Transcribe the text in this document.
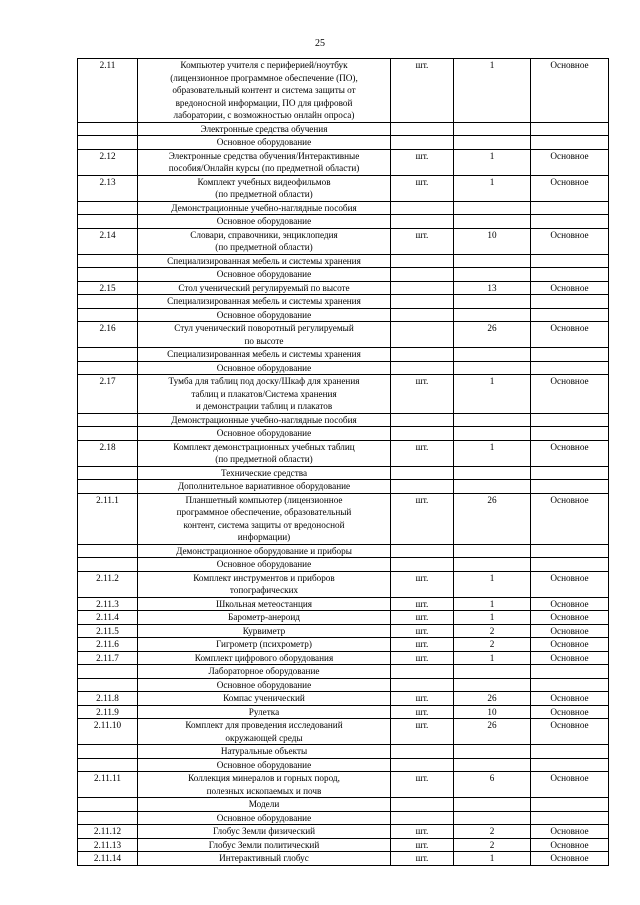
25
2.11	Компьютер учителя с периферией/ноутбук
(лицензионное программное обеспечение (ПО),
образовательный контент и система защиты от
вредоносной информации, ПО для цифровой
лаборатории, с возможностью онлайн опроса)	шт.	1	Основное
	Электронные средства обучения			
	Основное оборудование			
2.12	Электронные средства обучения/Интерактивные
пособия/Онлайн курсы (по предметной области)	шт.	1	Основное
2.13	Комплект учебных видеофильмов
(по предметной области)	шт.	1	Основное
	Демонстрационные учебно-наглядные пособия			
	Основное оборудование			
2.14	Словари, справочники, энциклопедия
(по предметной области)	шт.	10	Основное
	Специализированная мебель и системы хранения			
	Основное оборудование			
2.15	Стол ученический регулируемый по высоте		13	Основное
	Специализированная мебель и системы хранения			
	Основное оборудование			
2.16	Стул ученический поворотный регулируемый
по высоте		26	Основное
	Специализированная мебель и системы хранения			
	Основное оборудование			
2.17	Тумба для таблиц под доску/Шкаф для хранения
таблиц и плакатов/Система хранения
и демонстрации таблиц и плакатов	шт.	1	Основное
	Демонстрационные учебно-наглядные пособия			
	Основное оборудование			
2.18	Комплект демонстрационных учебных таблиц
(по предметной области)	шт.	1	Основное
	Технические средства			
	Дополнительное вариативное оборудование			
2.11.1	Планшетный компьютер (лицензионное
программное обеспечение, образовательный
контент, система защиты от вредоносной
информации)	шт.	26	Основное
	Демонстрационное оборудование и приборы			
	Основное оборудование			
2.11.2	Комплект инструментов и приборов
топографических	шт.	1	Основное
2.11.3	Школьная метеостанция	шт.	1	Основное
2.11.4	Барометр-анероид	шт.	1	Основное
2.11.5	Курвиметр	шт.	2	Основное
2.11.6	Гигрометр (психрометр)	шт.	2	Основное
2.11.7	Комплект цифрового оборудования	шт.	1	Основное
	Лабораторное оборудование			
	Основное оборудование			
2.11.8	Компас ученический	шт.	26	Основное
2.11.9	Рулетка	шт.	10	Основное
2.11.10	Комплект для проведения исследований
окружающей среды	шт.	26	Основное
	Натуральные объекты			
	Основное оборудование			
2.11.11	Коллекция минералов и горных пород,
полезных ископаемых и почв	шт.	6	Основное
	Модели			
	Основное оборудование			
2.11.12	Глобус Земли физический	шт.	2	Основное
2.11.13	Глобус Земли политический	шт.	2	Основное
2.11.14	Интерактивный глобус	шт.	1	Основное
